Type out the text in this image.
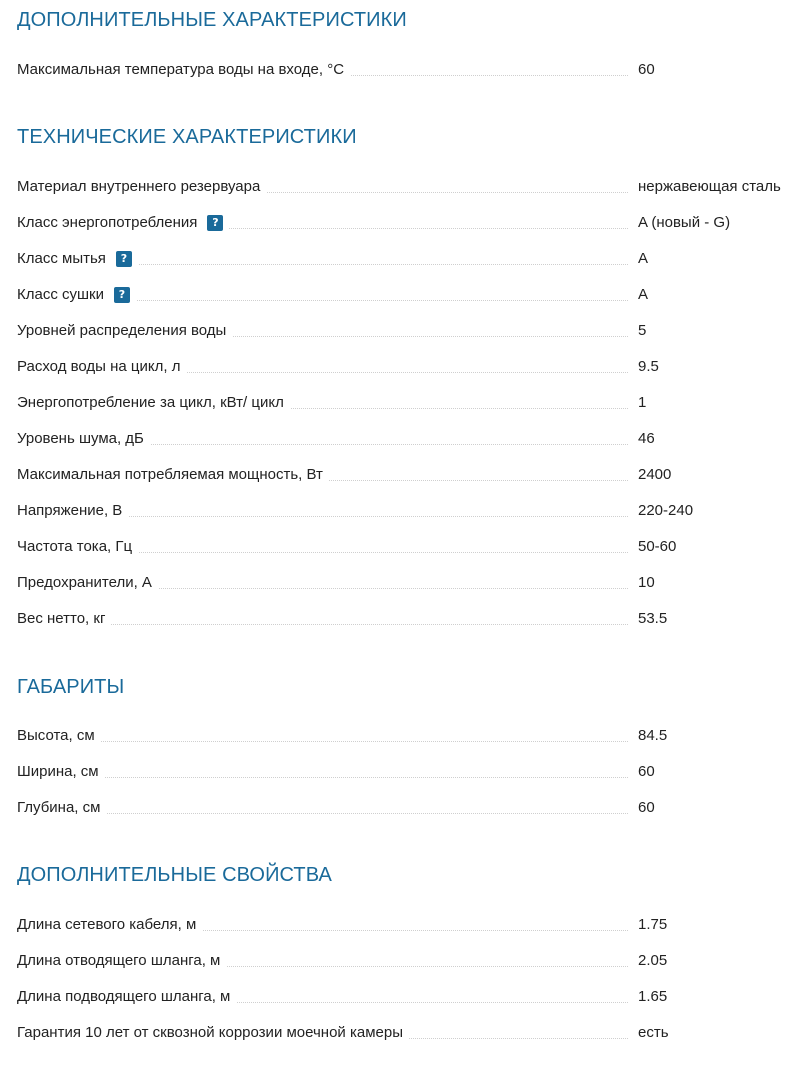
ДОПОЛНИТЕЛЬНЫЕ ХАРАКТЕРИСТИКИ
Максимальная температура воды на входе, °С	60
ТЕХНИЧЕСКИЕ ХАРАКТЕРИСТИКИ
Материал внутреннего резервуара	нержавеющая сталь
Класс энергопотребления	?	A (новый - G)
Класс мытья	?	A
Класс сушки	?	A
Уровней распределения воды	5
Расход воды на цикл, л	9.5
Энергопотребление за цикл, кВт/ цикл	1
Уровень шума, дБ	46
Максимальная потребляемая мощность, Вт	2400
Напряжение, В	220-240
Частота тока, Гц	50-60
Предохранители, А	10
Вес нетто, кг	53.5
ГАБАРИТЫ
Высота, см	84.5
Ширина, см	60
Глубина, см	60
ДОПОЛНИТЕЛЬНЫЕ СВОЙСТВА
Длина сетевого кабеля, м	1.75
Длина отводящего шланга, м	2.05
Длина подводящего шланга, м	1.65
Гарантия 10 лет от сквозной коррозии моечной камеры	есть
